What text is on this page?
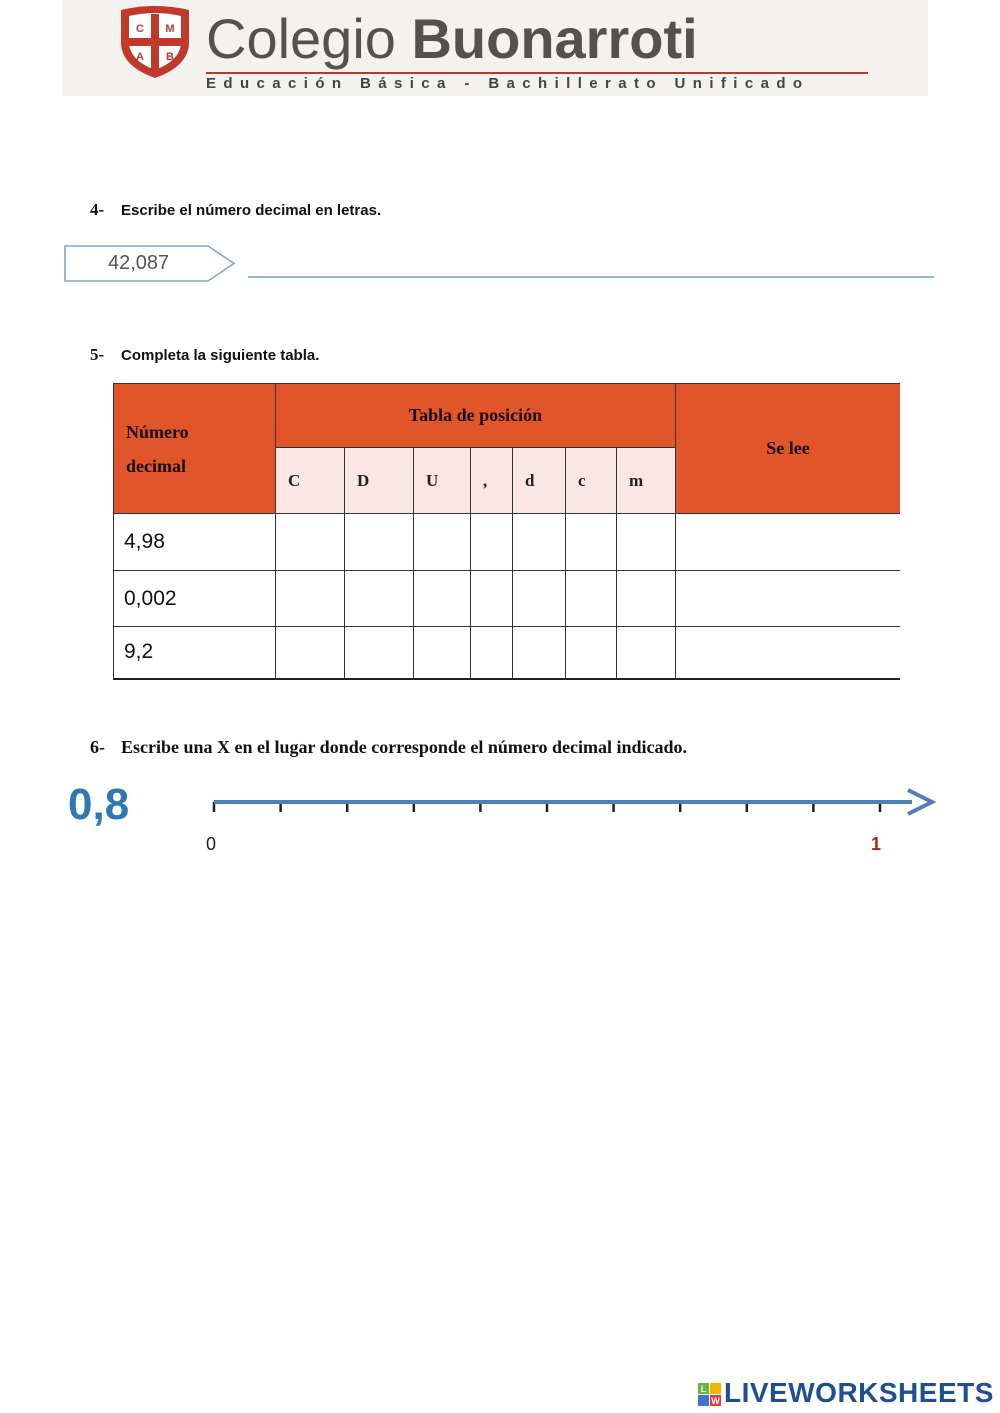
C M
A B Colegio Buonarroti
Educación Básica - Bachillerato Unificado
4- Escribe el número decimal en letras.
42,087
5- Completa la siguiente tabla.
Número
decimal	Tabla de posición							Se lee
	C	D	U	,	d	c	m	
4,98								
0,002								
9,2								
6- Escribe una X en el lugar donde corresponde el número decimal indicado.
0,8
0	1
L
W LIVEWORKSHEETS
